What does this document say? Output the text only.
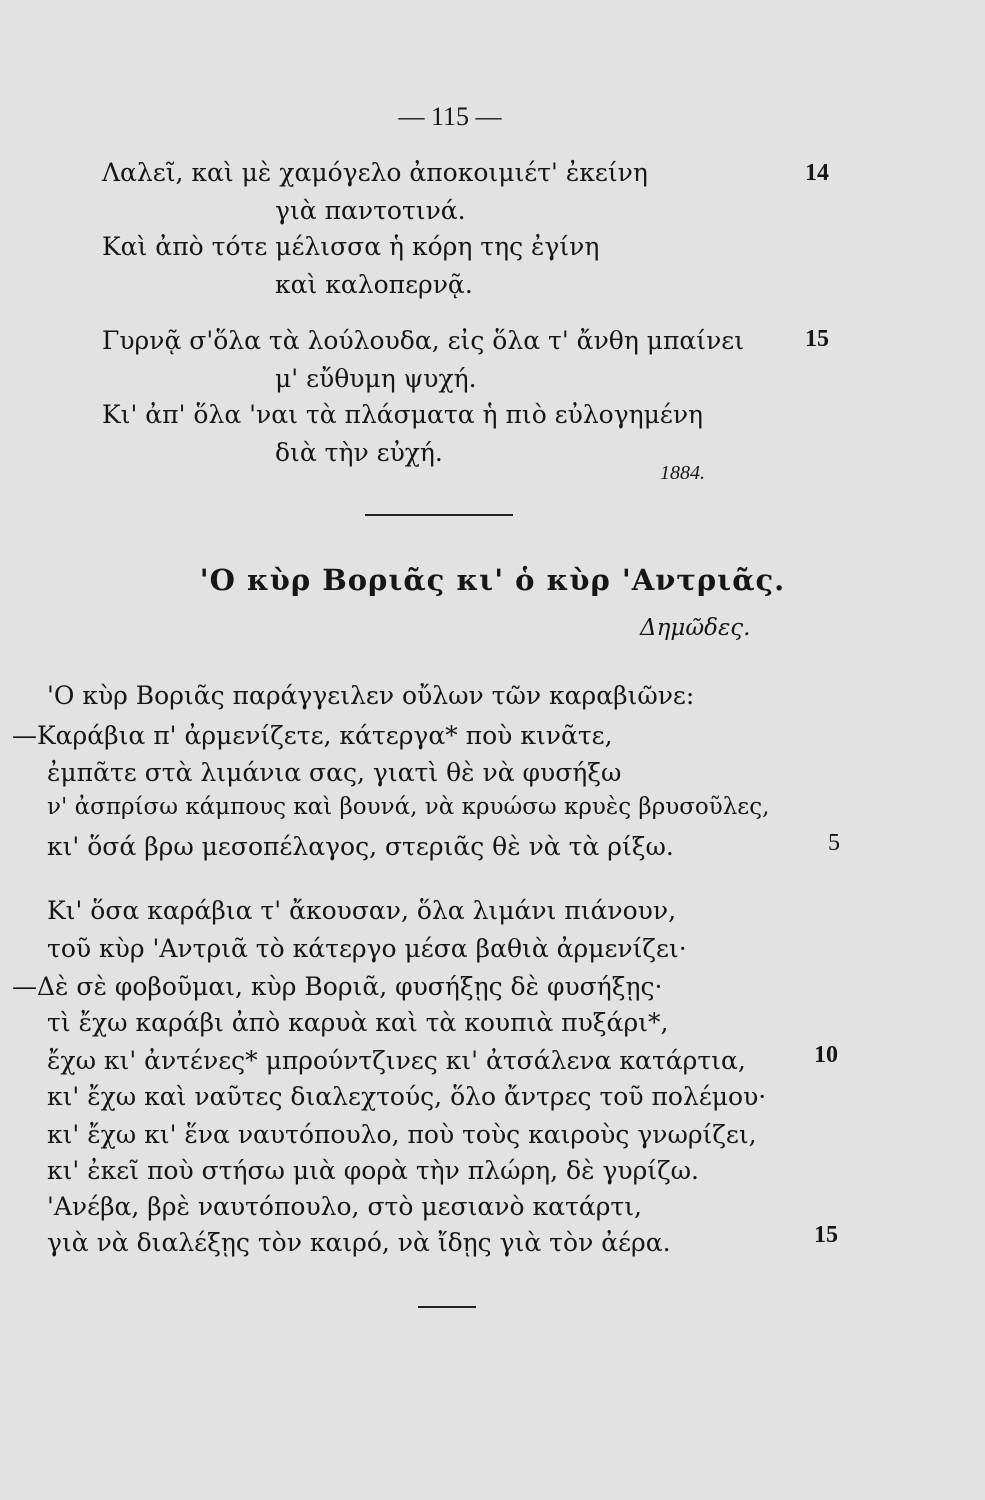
— 115 —
Λαλεῖ, καὶ μὲ χαμόγελο ἀποκοιμιέτ' ἐκείνη
γιὰ παντοτινά.
Καὶ ἀπὸ τότε μέλισσα ἡ κόρη της ἐγίνη
καὶ καλοπερνᾷ.
Γυρνᾷ σ'ὅλα τὰ λούλουδα, εἰς ὅλα τ' ἄνθη μπαίνει
μ' εὔθυμη ψυχή.
Κι' ἀπ' ὅλα 'ναι τὰ πλάσματα ἡ πιὸ εὐλογημένη
διὰ τὴν εὐχή.
14
15
1884.
'Ο κὺρ Βοριᾶς κι' ὁ κὺρ 'Αντριᾶς.
Δημῶδες.
'Ο κὺρ Βοριᾶς παράγγειλεν οὔλων τῶν καραβιῶνε:
—Καράβια π' ἀρμενίζετε, κάτεργα* ποὺ κινᾶτε,
ἐμπᾶτε στὰ λιμάνια σας, γιατὶ θὲ νὰ φυσήξω
ν' ἀσπρίσω κάμπους καὶ βουνά, νὰ κρυώσω κρυὲς βρυσοῦλες,
κι' ὅσά βρω μεσοπέλαγος, στεριᾶς θὲ νὰ τὰ ρίξω.
Κι' ὅσα καράβια τ' ἄκουσαν, ὅλα λιμάνι πιάνουν,
τοῦ κὺρ 'Αντριᾶ τὸ κάτεργο μέσα βαθιὰ ἀρμενίζει·
—Δὲ σὲ φοβοῦμαι, κὺρ Βοριᾶ, φυσήξῃς δὲ φυσήξῃς·
τὶ ἔχω καράβι ἀπὸ καρυὰ καὶ τὰ κουπιὰ πυξάρι*,
ἔχω κι' ἀντένες* μπρούντζινες κι' ἀτσάλενα κατάρτια,
κι' ἔχω καὶ ναῦτες διαλεχτούς, ὅλο ἄντρες τοῦ πολέμου·
κι' ἔχω κι' ἕνα ναυτόπουλο, ποὺ τοὺς καιροὺς γνωρίζει,
κι' ἐκεῖ ποὺ στήσω μιὰ φορὰ τὴν πλώρη, δὲ γυρίζω.
'Ανέβα, βρὲ ναυτόπουλο, στὸ μεσιανὸ κατάρτι,
γιὰ νὰ διαλέξῃς τὸν καιρό, νὰ ἴδῃς γιὰ τὸν ἀέρα.
5
10
15
